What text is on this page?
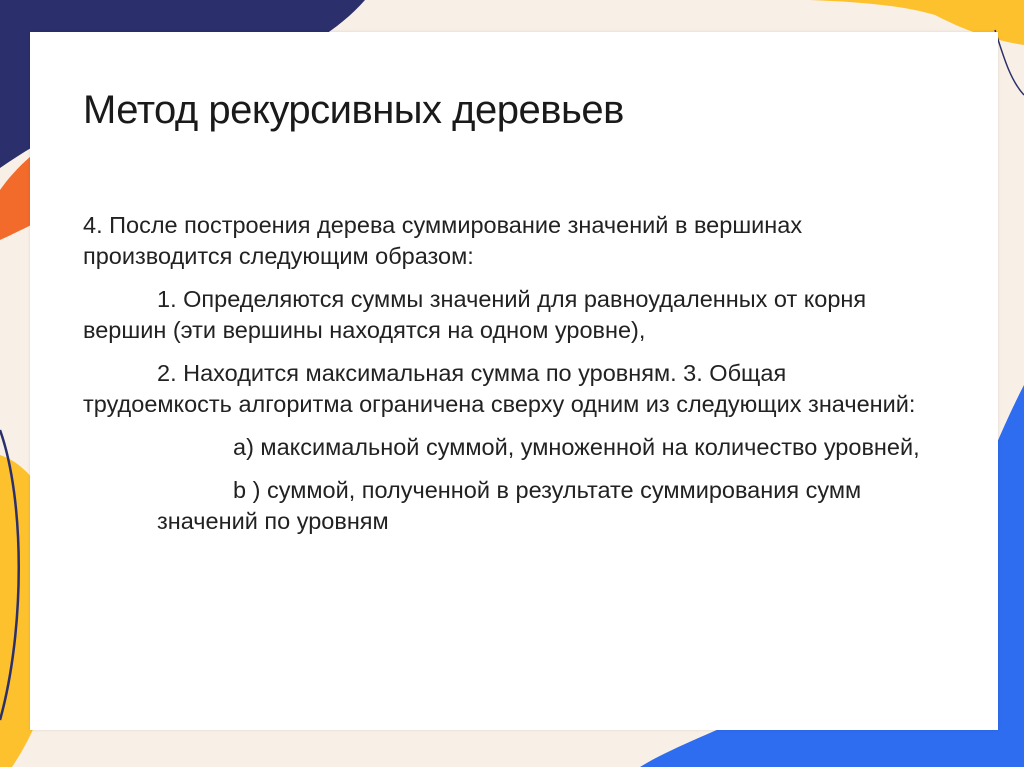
Метод рекурсивных деревьев

4. После построения дерева суммирование значений в вершинах производится следующим образом:

1. Определяются суммы значений для равноудаленных от корня вершин (эти вершины находятся на одном уровне),

2. Находится максимальная сумма по уровням. 3. Общая трудоемкость алгоритма ограничена сверху одним из следующих значений:

a) максимальной суммой, умноженной на количество уровней,

b ) суммой, полученной в результате суммирования сумм значений по уровням
